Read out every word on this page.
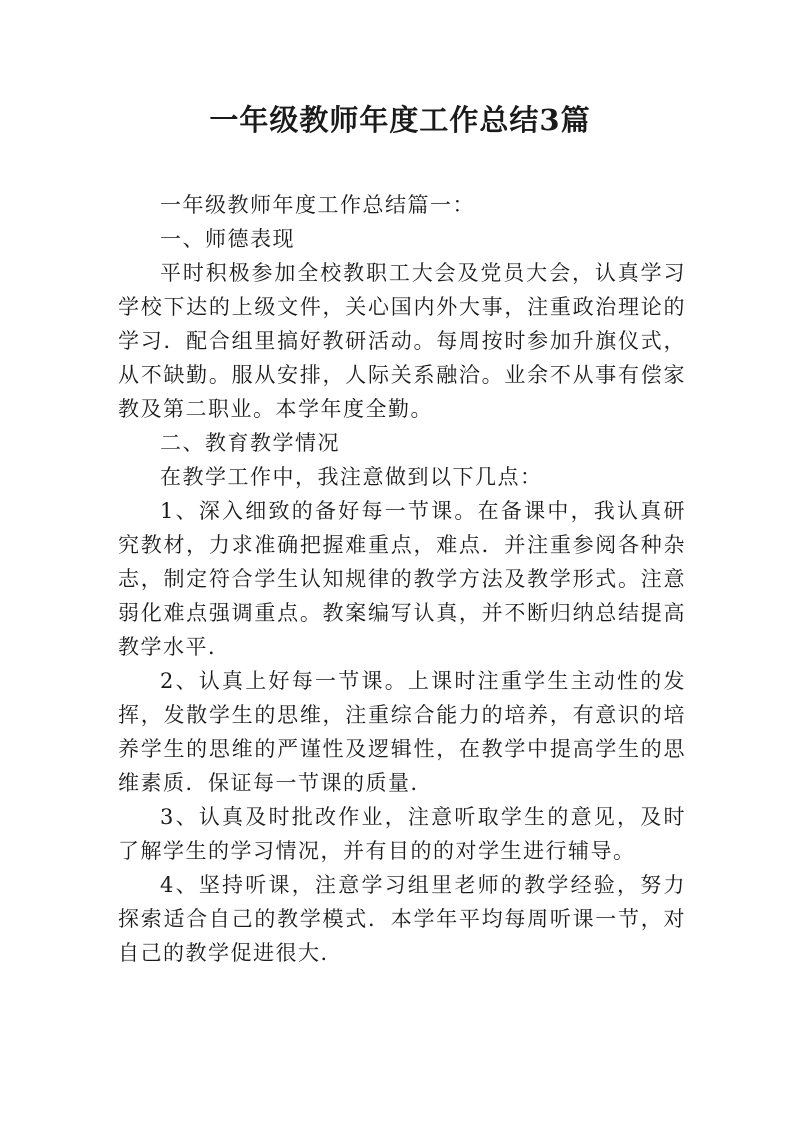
一年级教师年度工作总结3篇

一年级教师年度工作总结篇一：

一、师德表现

平时积极参加全校教职工大会及党员大会，认真学习学校下达的上级文件，关心国内外大事，注重政治理论的学习．配合组里搞好教研活动。每周按时参加升旗仪式，从不缺勤。服从安排，人际关系融洽。业余不从事有偿家教及第二职业。本学年度全勤。

二、教育教学情况

在教学工作中，我注意做到以下几点：

1、深入细致的备好每一节课。在备课中，我认真研究教材，力求准确把握难重点，难点．并注重参阅各种杂志，制定符合学生认知规律的教学方法及教学形式。注意弱化难点强调重点。教案编写认真，并不断归纳总结提高教学水平．

2、认真上好每一节课。上课时注重学生主动性的发挥，发散学生的思维，注重综合能力的培养，有意识的培养学生的思维的严谨性及逻辑性，在教学中提高学生的思维素质．保证每一节课的质量．

3、认真及时批改作业，注意听取学生的意见，及时了解学生的学习情况，并有目的的对学生进行辅导。

4、坚持听课，注意学习组里老师的教学经验，努力探索适合自己的教学模式．本学年平均每周听课一节，对自己的教学促进很大．
